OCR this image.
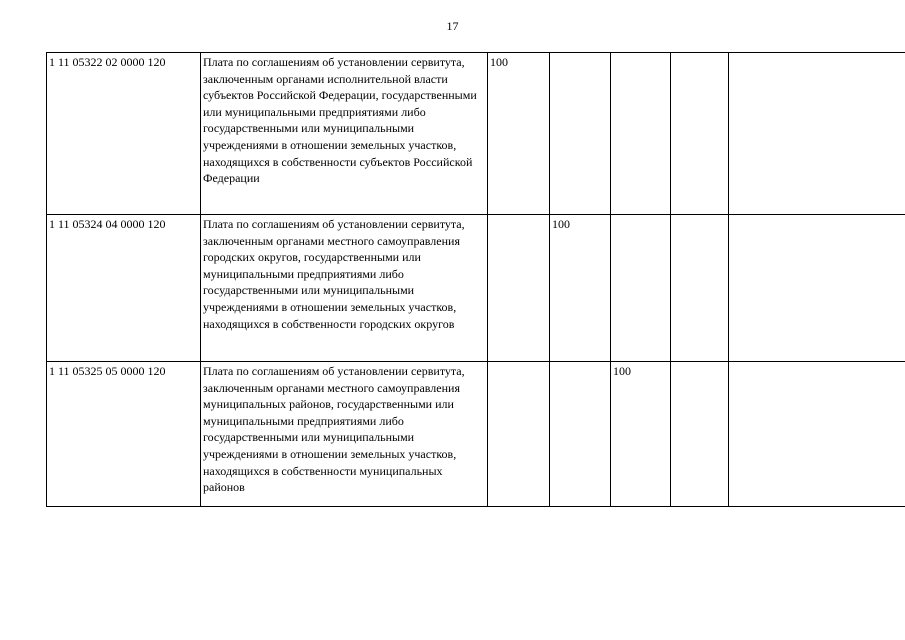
17
1 11 05322 02 0000 120	Плата по соглашениям об установлении сервитута, заключенным органами исполнительной власти субъектов Российской Федерации, государственными или муниципальными предприятиями либо государственными или муниципальными учреждениями в отношении земельных участков, находящихся в собственности субъектов Российской Федерации	100				
1 11 05324 04 0000 120	Плата по соглашениям об установлении сервитута, заключенным органами местного самоуправления городских округов, государственными или муниципальными предприятиями либо государственными или муниципальными учреждениями в отношении земельных участков, находящихся в собственности городских округов		100			
1 11 05325 05 0000 120	Плата по соглашениям об установлении сервитута, заключенным органами местного самоуправления муниципальных районов, государственными или муниципальными предприятиями либо государственными или муниципальными учреждениями в отношении земельных участков, находящихся в собственности муниципальных районов			100		
